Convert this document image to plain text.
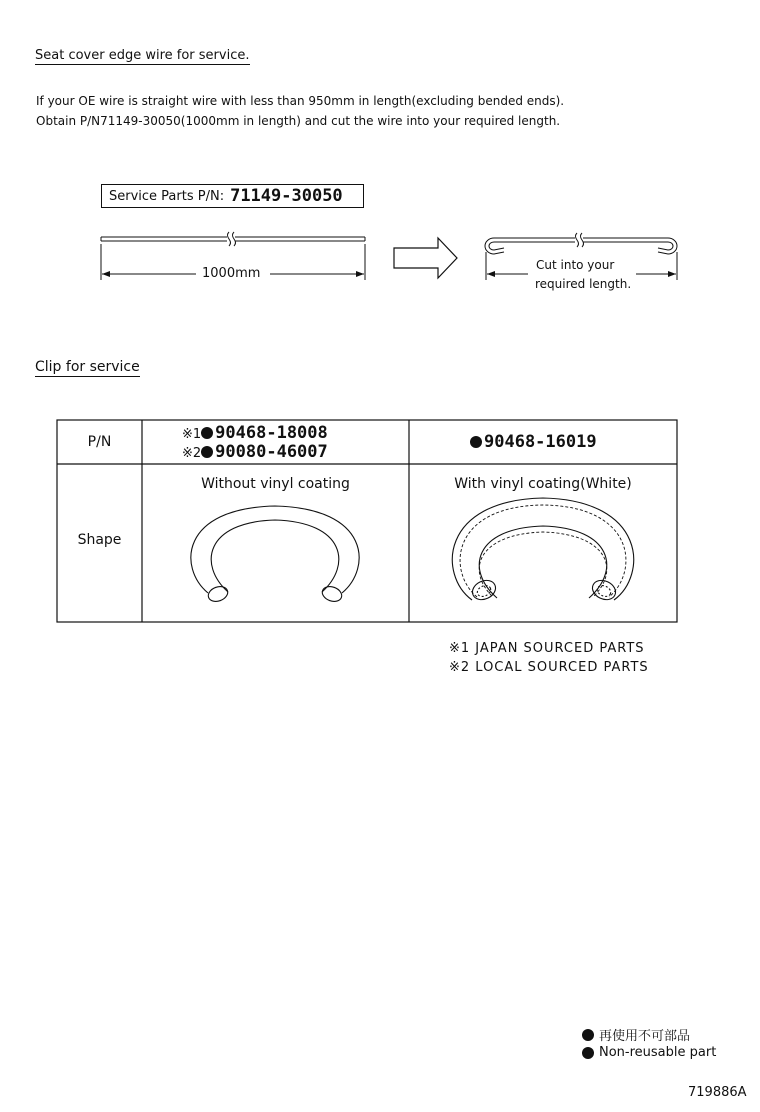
Seat cover edge wire for service.
If your OE wire is straight wire with less than 950mm in length(excluding bended ends).
Obtain P/N71149-30050(1000mm in length) and cut the wire into your required length.
Service Parts P/N: 71149-30050
1000mm
Cut into your
required length.
Clip for service
P/N
Shape
※1 90468-18008
※2 90080-46007	90468-16019
Without vinyl coating	With vinyl coating(White)
※1 JAPAN SOURCED PARTS
※2 LOCAL SOURCED PARTS
再使用不可部品
Non-reusable part
719886A
